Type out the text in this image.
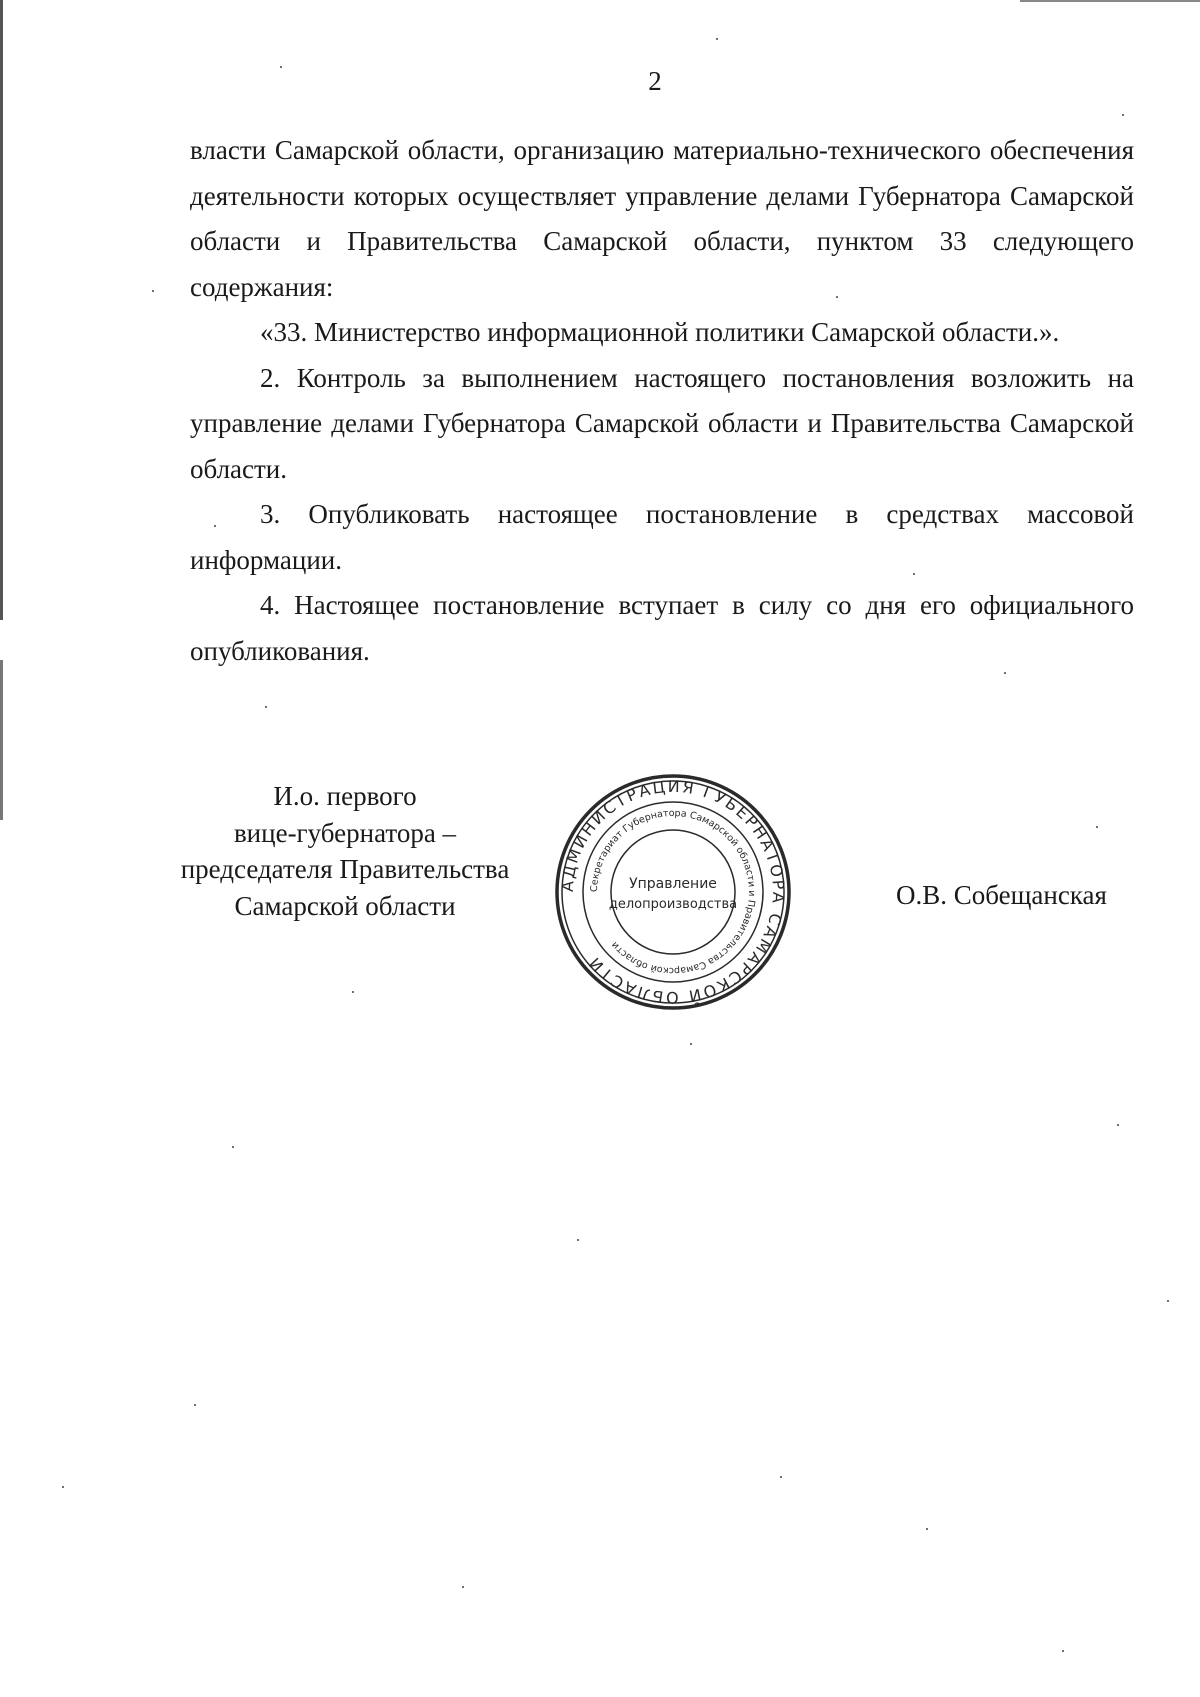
2

власти Самарской области, организацию материально-технического обеспечения деятельности которых осуществляет управление делами Губернатора Самарской области и Правительства Самарской области, пунктом 33 следующего содержания:

«33. Министерство информационной политики Самарской области.».

2. Контроль за выполнением настоящего постановления возложить на управление делами Губернатора Самарской области и Правительства Самарской области.

3. Опубликовать настоящее постановление в средствах массовой информации.

4. Настоящее постановление вступает в силу со дня его официального опубликования.

И.о. первого
вице-губернатора –
председателя Правительства
Самарской области
АДМИНИСТРАЦИЯ ГУБЕРНАТОРА САМАРСКОЙ ОБЛАСТИ
Секретариат Губернатора Самарской области и Правительства Самарской области
Управление
делопроизводства	О.В. Собещанская
